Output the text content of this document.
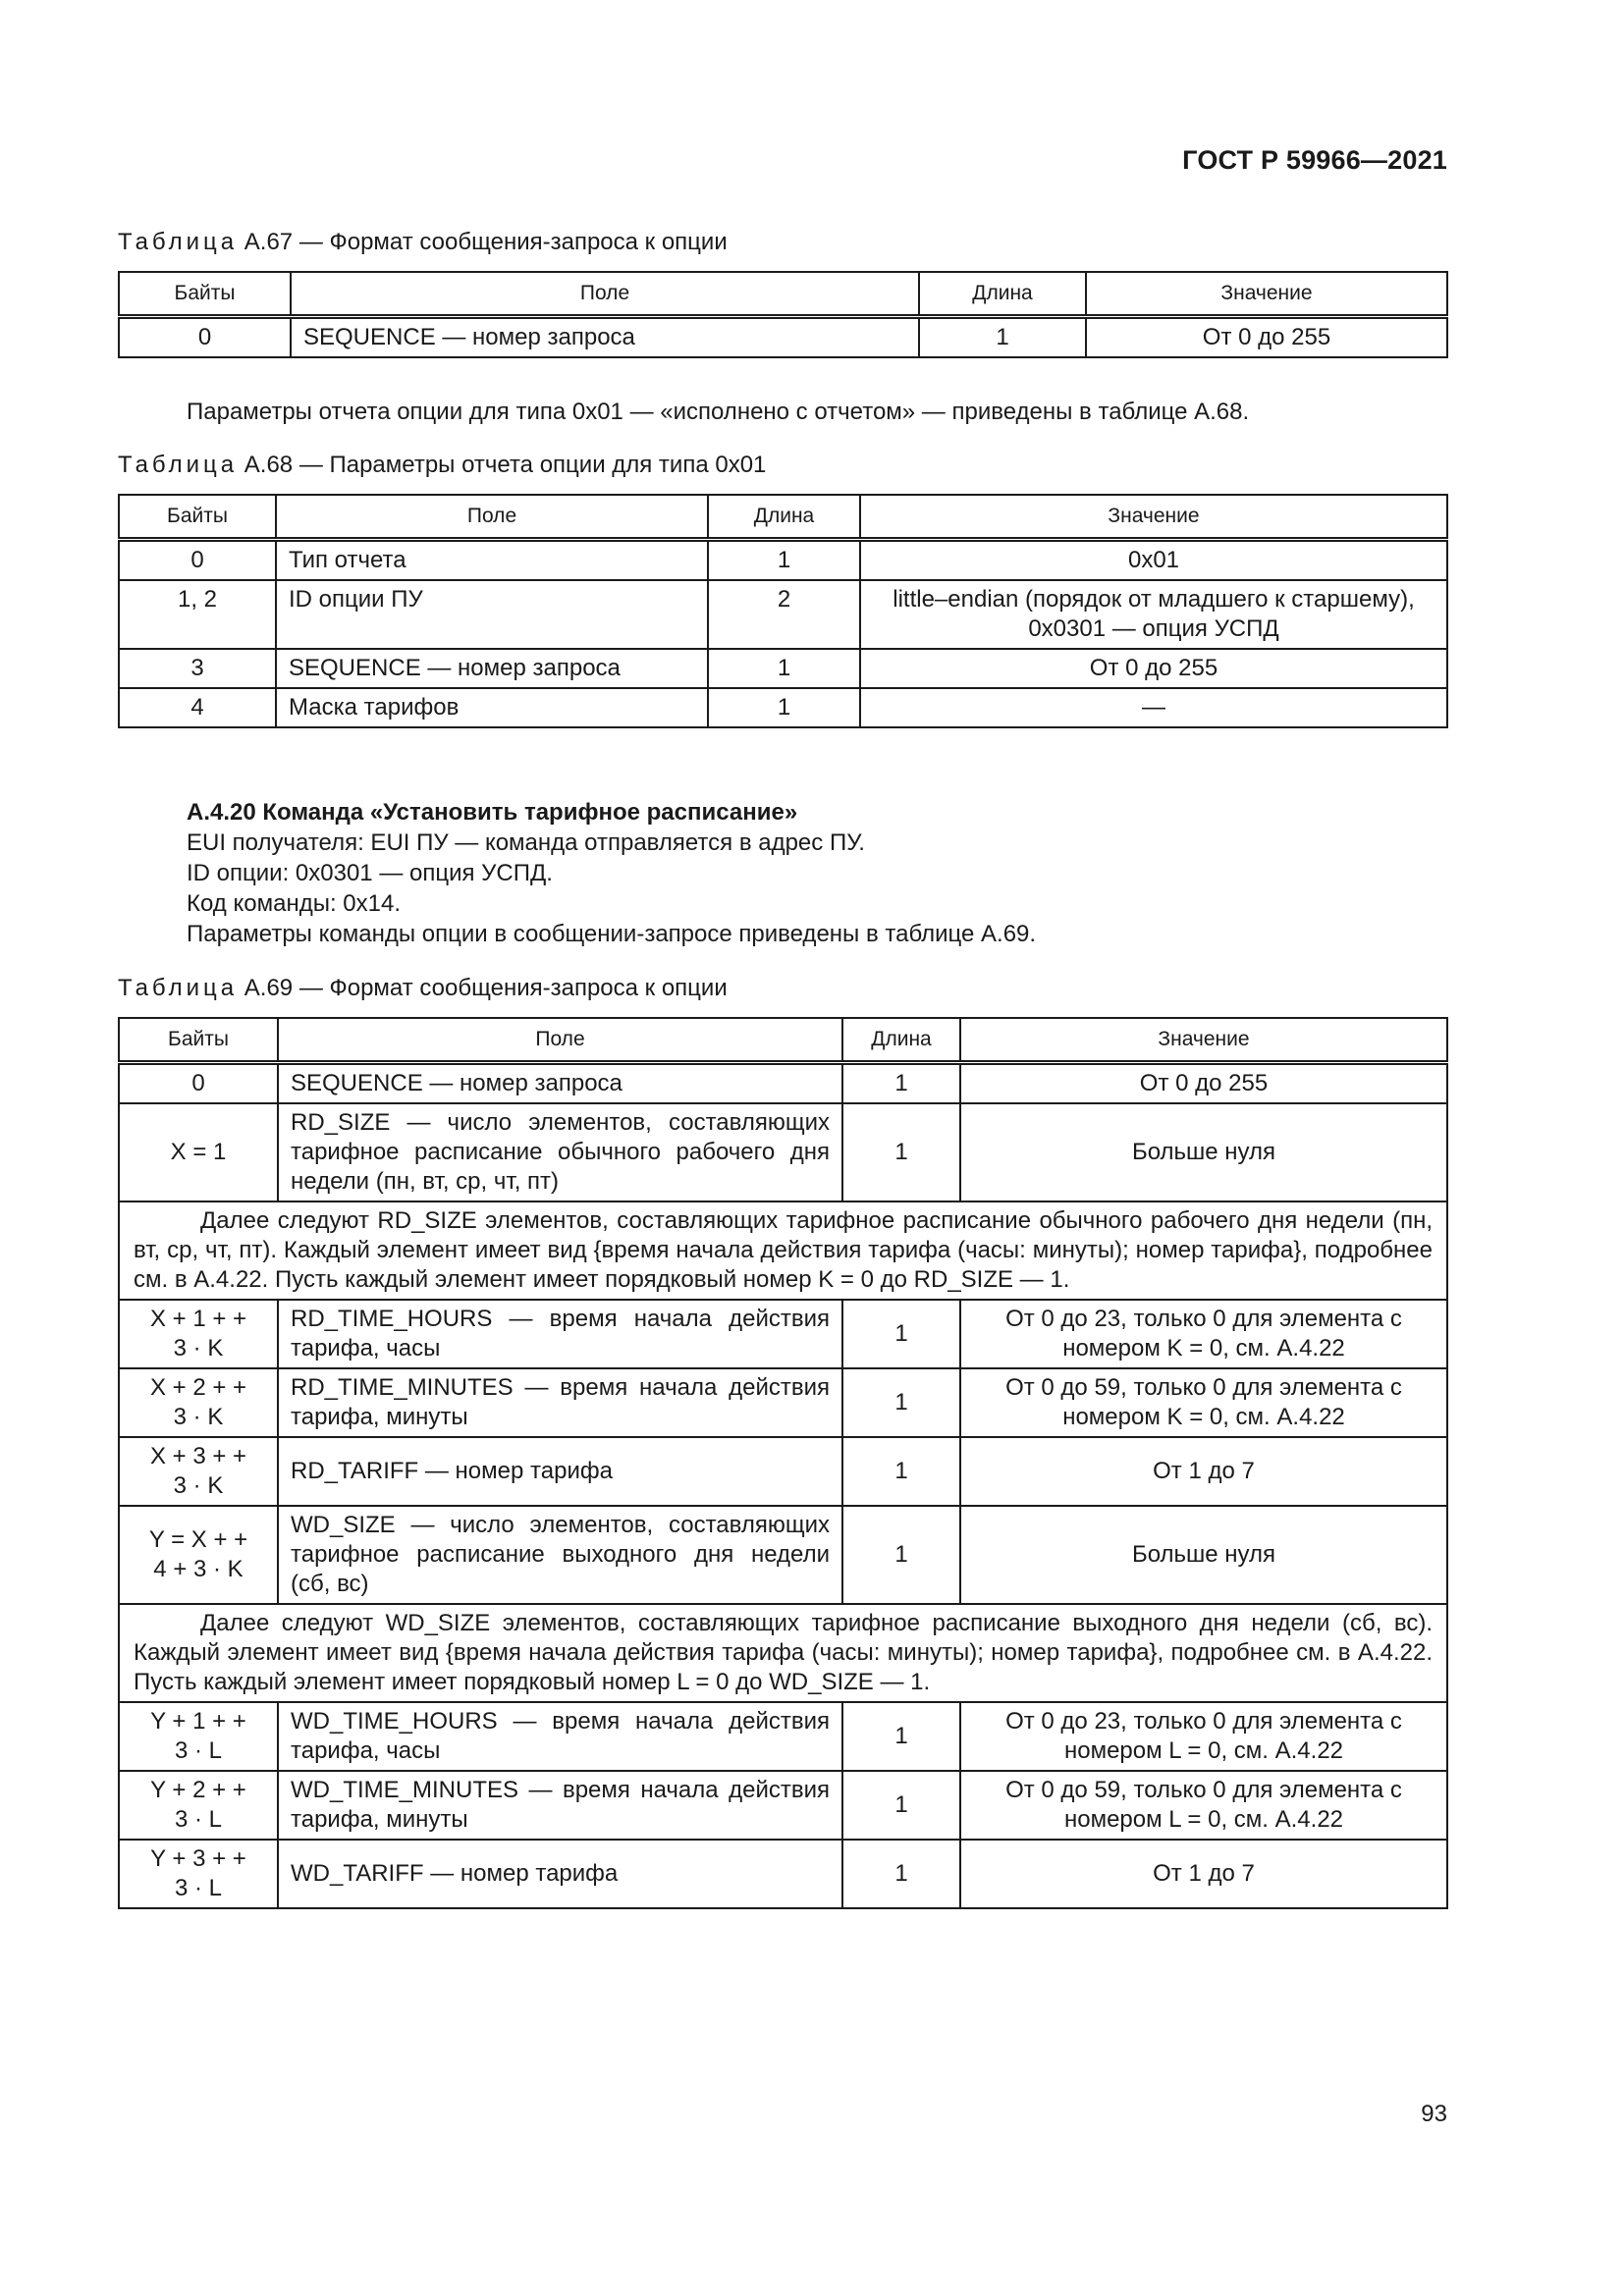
ГОСТ Р 59966—2021
Таблица А.67 — Формат сообщения-запроса к опции
Байты	Поле	Длина	Значение
0	SEQUENCE — номер запроса	1	От 0 до 255
Параметры отчета опции для типа 0x01 — «исполнено с отчетом» — приведены в таблице А.68.
Таблица А.68 — Параметры отчета опции для типа 0x01
Байты	Поле	Длина	Значение
0	Тип отчета	1	0x01
1, 2	ID опции ПУ	2	little–endian (порядок от младшего к старшему), 0x0301 — опция УСПД
3	SEQUENCE — номер запроса	1	От 0 до 255
4	Маска тарифов	1	—
А.4.20 Команда «Установить тарифное расписание»
EUI получателя: EUI ПУ — команда отправляется в адрес ПУ.
ID опции: 0x0301 — опция УСПД.
Код команды: 0x14.
Параметры команды опции в сообщении-запросе приведены в таблице А.69.
Таблица А.69 — Формат сообщения-запроса к опции
Байты	Поле	Длина	Значение
0	SEQUENCE — номер запроса	1	От 0 до 255
X = 1	RD_SIZE — число элементов, составляющих тарифное расписание обычного рабочего дня недели (пн, вт, ср, чт, пт)	1	Больше нуля
Далее следуют RD_SIZE элементов, составляющих тарифное расписание обычного рабочего дня недели (пн, вт, ср, чт, пт). Каждый элемент имеет вид {время начала действия тарифа (часы: минуты); номер тарифа}, подробнее см. в А.4.22. Пусть каждый элемент имеет порядковый номер K = 0 до RD_SIZE — 1.			
X + 1 + + 3 · K	RD_TIME_HOURS — время начала действия тарифа, часы	1	От 0 до 23, только 0 для элемента с номером K = 0, см. А.4.22
X + 2 + + 3 · K	RD_TIME_MINUTES — время начала действия тарифа, минуты	1	От 0 до 59, только 0 для элемента с номером K = 0, см. А.4.22
X + 3 + + 3 · K	RD_TARIFF — номер тарифа	1	От 1 до 7
Y = X + + 4 + 3 · K	WD_SIZE — число элементов, составляющих тарифное расписание выходного дня недели (сб, вс)	1	Больше нуля
Далее следуют WD_SIZE элементов, составляющих тарифное расписание выходного дня недели (сб, вс). Каждый элемент имеет вид {время начала действия тарифа (часы: минуты); номер тарифа}, подробнее см. в А.4.22. Пусть каждый элемент имеет порядковый номер L = 0 до WD_SIZE — 1.			
Y + 1 + + 3 · L	WD_TIME_HOURS — время начала действия тарифа, часы	1	От 0 до 23, только 0 для элемента с номером L = 0, см. А.4.22
Y + 2 + + 3 · L	WD_TIME_MINUTES — время начала действия тарифа, минуты	1	От 0 до 59, только 0 для элемента с номером L = 0, см. А.4.22
Y + 3 + + 3 · L	WD_TARIFF — номер тарифа	1	От 1 до 7
93
